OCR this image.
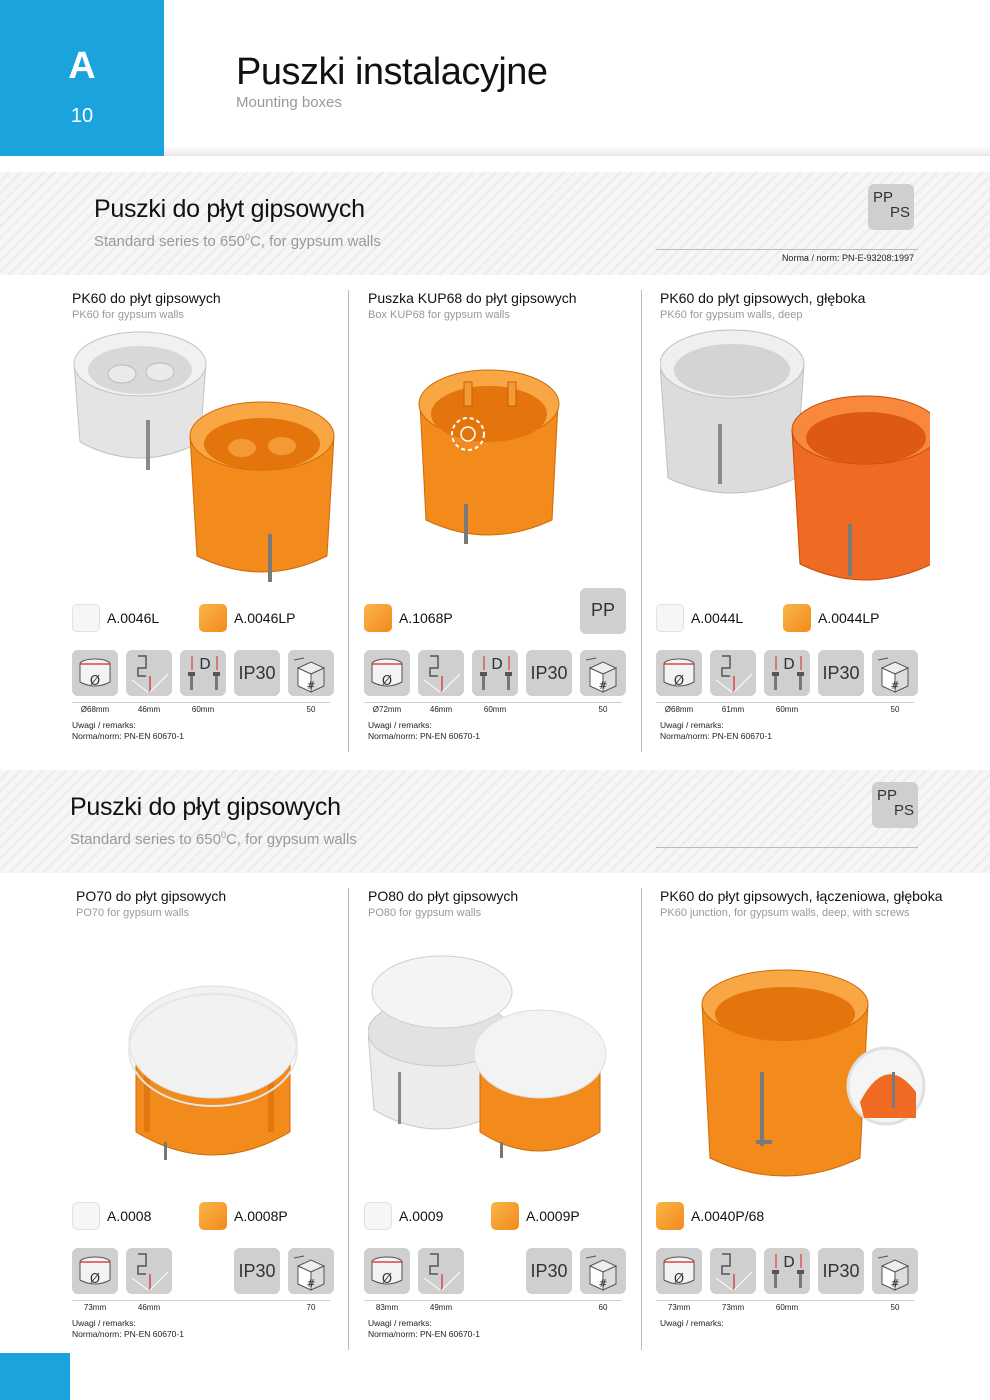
A
10
Puszki instalacyjne
Mounting boxes
Puszki do płyt gipsowych
Standard series to $650^0C$, for gypsum walls
PP
PS
Norma / norm: PN-E-93208:1997
Puszki do płyt gipsowych
Standard series to $650^0C$, for gypsum walls
PP
PS
PK60 do płyt gipsowych
PK60 for gypsum walls
A.0046L	A.0046LP
Ø
D IP30
#
Ø68mm	46mm	60mm	50
Uwagi / remarks:
Norma/norm: PN-EN 60670-1
Puszka KUP68 do płyt gipsowych
Box KUP68 for gypsum walls
A.1068P	PP
Ø
D IP30
#
Ø72mm	46mm	60mm	50
Uwagi / remarks:
Norma/norm: PN-EN 60670-1
PK60 do płyt gipsowych, głęboka
PK60 for gypsum walls, deep
A.0044L	A.0044LP
Ø
D IP30
#
Ø68mm	61mm	60mm	50
Uwagi / remarks:
Norma/norm: PN-EN 60670-1
PO70 do płyt gipsowych
PO70 for gypsum walls
A.0008	A.0008P
Ø	IP30
#
73mm	46mm	70
Uwagi / remarks:
Norma/norm: PN-EN 60670-1
PO80 do płyt gipsowych
PO80 for gypsum walls
A.0009	A.0009P
Ø	IP30
#
83mm	49mm	60
Uwagi / remarks:
Norma/norm: PN-EN 60670-1
PK60 do płyt gipsowych, łączeniowa, głęboka
PK60 junction, for gypsum walls, deep, with screws
A.0040P/68
Ø
D IP30
#
73mm	73mm	60mm	50
Uwagi / remarks:
